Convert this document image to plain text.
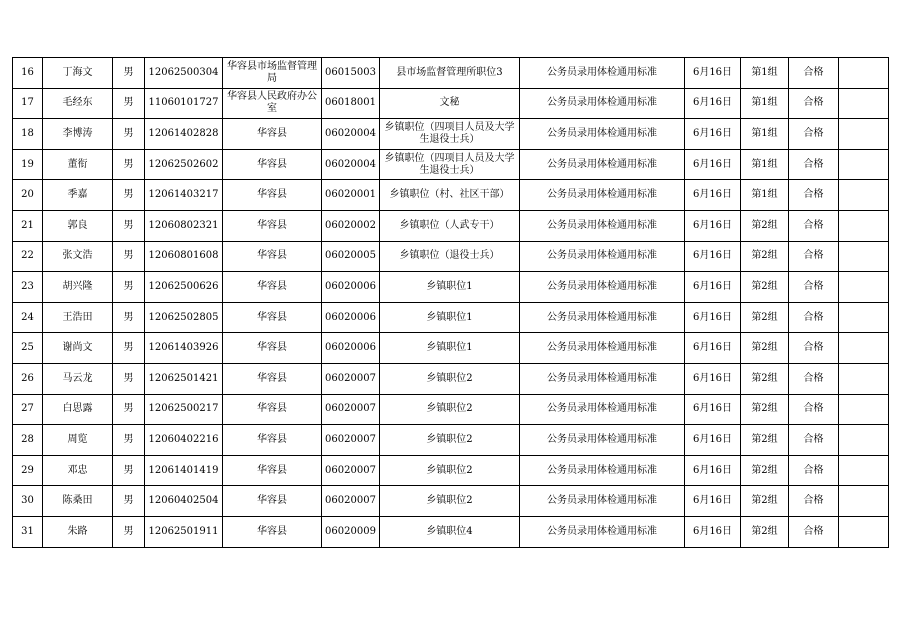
16	丁海文	男	12062500304	华容县市场监督管理局	06015003	县市场监督管理所职位3	公务员录用体检通用标准	6月16日	第1组	合格	
17	毛经东	男	11060101727	华容县人民政府办公室	06018001	文秘	公务员录用体检通用标准	6月16日	第1组	合格	
18	李博涛	男	12061402828	华容县	06020004	乡镇职位（四项目人员及大学生退役士兵）	公务员录用体检通用标准	6月16日	第1组	合格	
19	董衔	男	12062502602	华容县	06020004	乡镇职位（四项目人员及大学生退役士兵）	公务员录用体检通用标准	6月16日	第1组	合格	
20	季嘉	男	12061403217	华容县	06020001	乡镇职位（村、社区干部）	公务员录用体检通用标准	6月16日	第1组	合格	
21	郭良	男	12060802321	华容县	06020002	乡镇职位（人武专干）	公务员录用体检通用标准	6月16日	第2组	合格	
22	张文浩	男	12060801608	华容县	06020005	乡镇职位（退役士兵）	公务员录用体检通用标准	6月16日	第2组	合格	
23	胡兴隆	男	12062500626	华容县	06020006	乡镇职位1	公务员录用体检通用标准	6月16日	第2组	合格	
24	王浩田	男	12062502805	华容县	06020006	乡镇职位1	公务员录用体检通用标准	6月16日	第2组	合格	
25	谢尚文	男	12061403926	华容县	06020006	乡镇职位1	公务员录用体检通用标准	6月16日	第2组	合格	
26	马云龙	男	12062501421	华容县	06020007	乡镇职位2	公务员录用体检通用标准	6月16日	第2组	合格	
27	白思露	男	12062500217	华容县	06020007	乡镇职位2	公务员录用体检通用标准	6月16日	第2组	合格	
28	周览	男	12060402216	华容县	06020007	乡镇职位2	公务员录用体检通用标准	6月16日	第2组	合格	
29	邓忠	男	12061401419	华容县	06020007	乡镇职位2	公务员录用体检通用标准	6月16日	第2组	合格	
30	陈桑田	男	12060402504	华容县	06020007	乡镇职位2	公务员录用体检通用标准	6月16日	第2组	合格	
31	朱路	男	12062501911	华容县	06020009	乡镇职位4	公务员录用体检通用标准	6月16日	第2组	合格	
